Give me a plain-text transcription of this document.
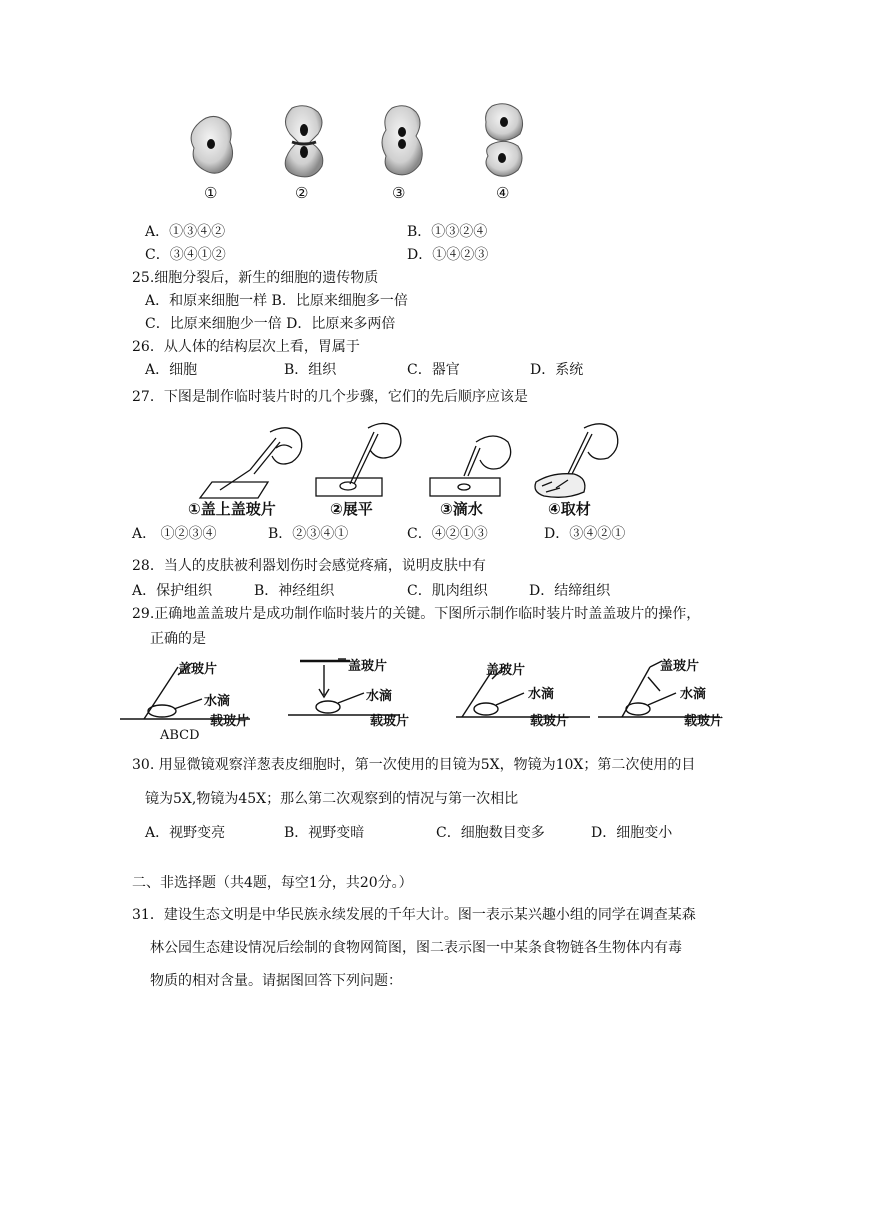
①	②	③	④
A．①③④②	B．①③②④
C．③④①②	D．①④②③
25.细胞分裂后，新生的细胞的遗传物质
A．和原来细胞一样 B．比原来细胞多一倍
C．比原来细胞少一倍 D．比原来多两倍
26．从人体的结构层次上看，胃属于
A．细胞	B．组织	C．器官	D．系统
27．下图是制作临时装片时的几个步骤，它们的先后顺序应该是
①盖上盖玻片	②展平	③滴水	④取材
A． ①②③④	B．②③④①	C．④②①③	D．③④②①
28．当人的皮肤被利器划伤时会感觉疼痛，说明皮肤中有
A．保护组织	B．神经组织	C．肌肉组织	D．结缔组织
29.正确地盖盖玻片是成功制作临时装片的关键。下图所示制作临时装片时盖盖玻片的操作，
正确的是
盖玻片
水滴
载玻片
盖玻片
水滴
载玻片
盖玻片
水滴
载玻片
盖玻片
水滴
载玻片
ABCD
30. 用显微镜观察洋葱表皮细胞时，第一次使用的目镜为5X，物镜为10X；第二次使用的目
镜为5X,物镜为45X；那么第二次观察到的情况与第一次相比
A．视野变亮	B．视野变暗	C．细胞数目变多	D．细胞变小
二、非选择题（共4题，每空1分，共20分。）
31．建设生态文明是中华民族永续发展的千年大计。图一表示某兴趣小组的同学在调查某森
林公园生态建设情况后绘制的食物网简图，图二表示图一中某条食物链各生物体内有毒
物质的相对含量。请据图回答下列问题：
